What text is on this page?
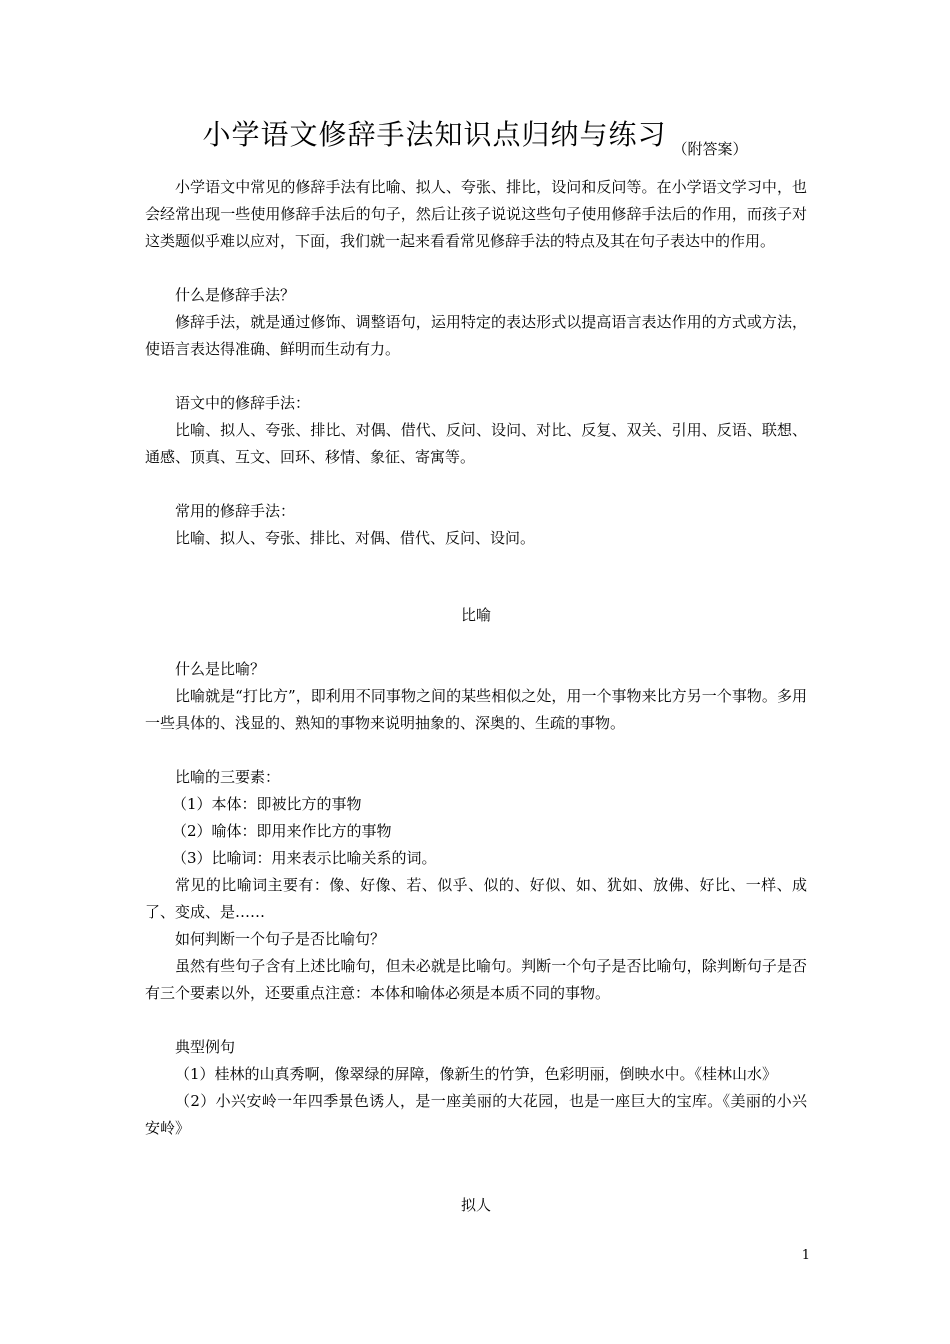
小学语文修辞手法知识点归纳与练习 （附答案）

小学语文中常见的修辞手法有比喻、拟人、夸张、排比，设问和反问等。在小学语文学习中，也会经常出现一些使用修辞手法后的句子，然后让孩子说说这些句子使用修辞手法后的作用，而孩子对这类题似乎难以应对，下面，我们就一起来看看常见修辞手法的特点及其在句子表达中的作用。

什么是修辞手法？

修辞手法，就是通过修饰、调整语句，运用特定的表达形式以提高语言表达作用的方式或方法，使语言表达得准确、鲜明而生动有力。

语文中的修辞手法：

比喻、拟人、夸张、排比、对偶、借代、反问、设问、对比、反复、双关、引用、反语、联想、通感、顶真、互文、回环、移情、象征、寄寓等。

常用的修辞手法：

比喻、拟人、夸张、排比、对偶、借代、反问、设问。

比喻

什么是比喻？

比喻就是“打比方”，即利用不同事物之间的某些相似之处，用一个事物来比方另一个事物。多用一些具体的、浅显的、熟知的事物来说明抽象的、深奥的、生疏的事物。

比喻的三要素：

（1）本体：即被比方的事物

（2）喻体：即用来作比方的事物

（3）比喻词：用来表示比喻关系的词。

常见的比喻词主要有：像、好像、若、似乎、似的、好似、如、犹如、放佛、好比、一样、成了、变成、是……

如何判断一个句子是否比喻句？

虽然有些句子含有上述比喻句，但未必就是比喻句。判断一个句子是否比喻句，除判断句子是否有三个要素以外，还要重点注意：本体和喻体必须是本质不同的事物。

典型例句

（1）桂林的山真秀啊，像翠绿的屏障，像新生的竹笋，色彩明丽，倒映水中。《桂林山水》

（2）小兴安岭一年四季景色诱人，是一座美丽的大花园，也是一座巨大的宝库。《美丽的小兴安岭》

拟人

1
